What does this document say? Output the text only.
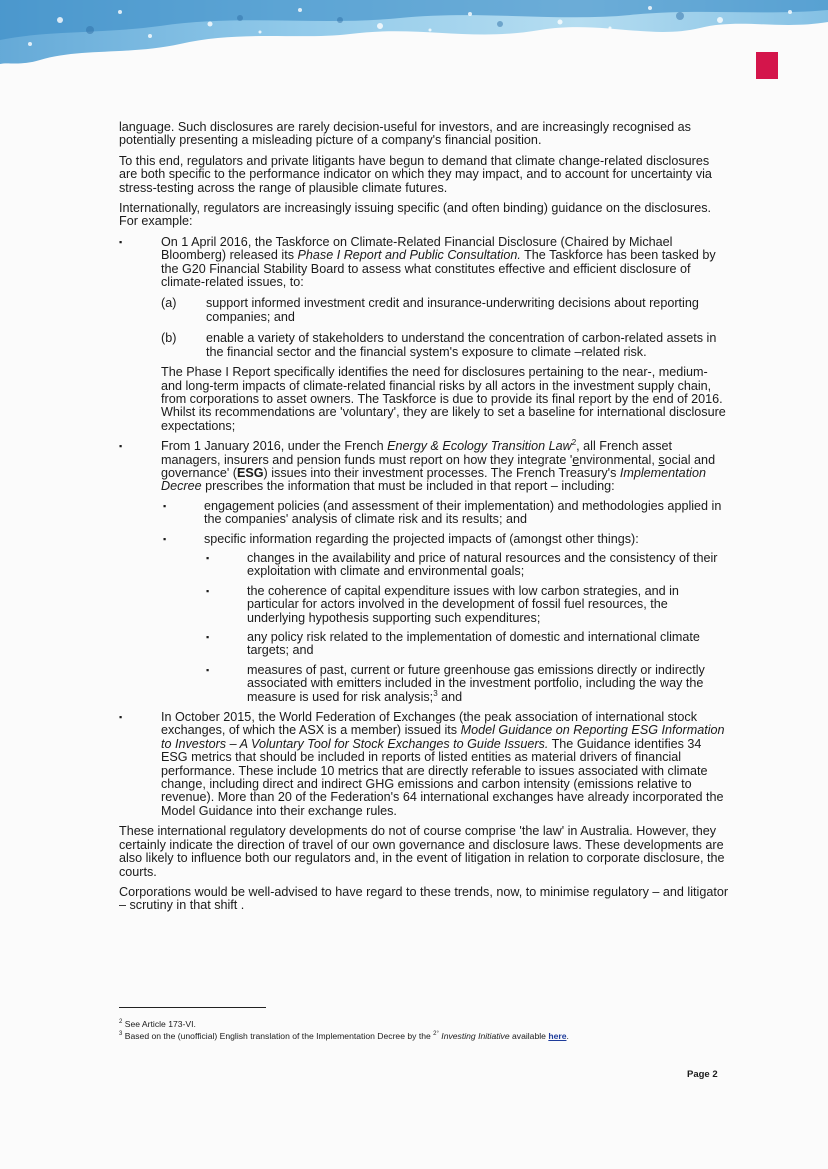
language. Such disclosures are rarely decision-useful for investors, and are increasingly recognised as potentially presenting a misleading picture of a company's financial position.

To this end, regulators and private litigants have begun to demand that climate change-related disclosures are both specific to the performance indicator on which they may impact, and to account for uncertainty via stress-testing across the range of plausible climate futures.

Internationally, regulators are increasingly issuing specific (and often binding) guidance on the disclosures. For example:

▪	On 1 April 2016, the Taskforce on Climate-Related Financial Disclosure (Chaired by Michael Bloomberg) released its Phase I Report and Public Consultation. The Taskforce has been tasked by the G20 Financial Stability Board to assess what constitutes effective and efficient disclosure of climate-related issues, to:

(a) support informed investment credit and insurance-underwriting decisions about reporting companies; and

(b) enable a variety of stakeholders to understand the concentration of carbon-related assets in the financial sector and the financial system's exposure to climate –related risk.

The Phase I Report specifically identifies the need for disclosures pertaining to the near-, medium- and long-term impacts of climate-related financial risks by all actors in the investment supply chain, from corporations to asset owners. The Taskforce is due to provide its final report by the end of 2016. Whilst its recommendations are 'voluntary', they are likely to set a baseline for international disclosure expectations;

▪	From 1 January 2016, under the French Energy & Ecology Transition Law$^2$, all French asset managers, insurers and pension funds must report on how they integrate 'environmental, social and governance' (ESG) issues into their investment processes. The French Treasury's Implementation Decree prescribes the information that must be included in that report – including:

▪	engagement policies (and assessment of their implementation) and methodologies applied in the companies' analysis of climate risk and its results; and

▪	specific information regarding the projected impacts of (amongst other things):

▪	changes in the availability and price of natural resources and the consistency of their exploitation with climate and environmental goals;

▪	the coherence of capital expenditure issues with low carbon strategies, and in particular for actors involved in the development of fossil fuel resources, the underlying hypothesis supporting such expenditures;

▪	any policy risk related to the implementation of domestic and international climate targets; and

▪	measures of past, current or future greenhouse gas emissions directly or indirectly associated with emitters included in the investment portfolio, including the way the measure is used for risk analysis;$^3$ and

▪	In October 2015, the World Federation of Exchanges (the peak association of international stock exchanges, of which the ASX is a member) issued its Model Guidance on Reporting ESG Information to Investors – A Voluntary Tool for Stock Exchanges to Guide Issuers. The Guidance identifies 34 ESG metrics that should be included in reports of listed entities as material drivers of financial performance. These include 10 metrics that are directly referable to issues associated with climate change, including direct and indirect GHG emissions and carbon intensity (emissions relative to revenue). More than 20 of the Federation's 64 international exchanges have already incorporated the Model Guidance into their exchange rules.

These international regulatory developments do not of course comprise 'the law' in Australia. However, they certainly indicate the direction of travel of our own governance and disclosure laws. These developments are also likely to influence both our regulators and, in the event of litigation in relation to corporate disclosure, the courts.

Corporations would be well-advised to have regard to these trends, now, to minimise regulatory – and litigator – scrutiny in that shift .

$^2$ See Article 173-VI.
$^3$ Based on the (unofficial) English translation of the Implementation Decree by the $^{2^\circ}$ Investing Initiative available here.
Page 2
